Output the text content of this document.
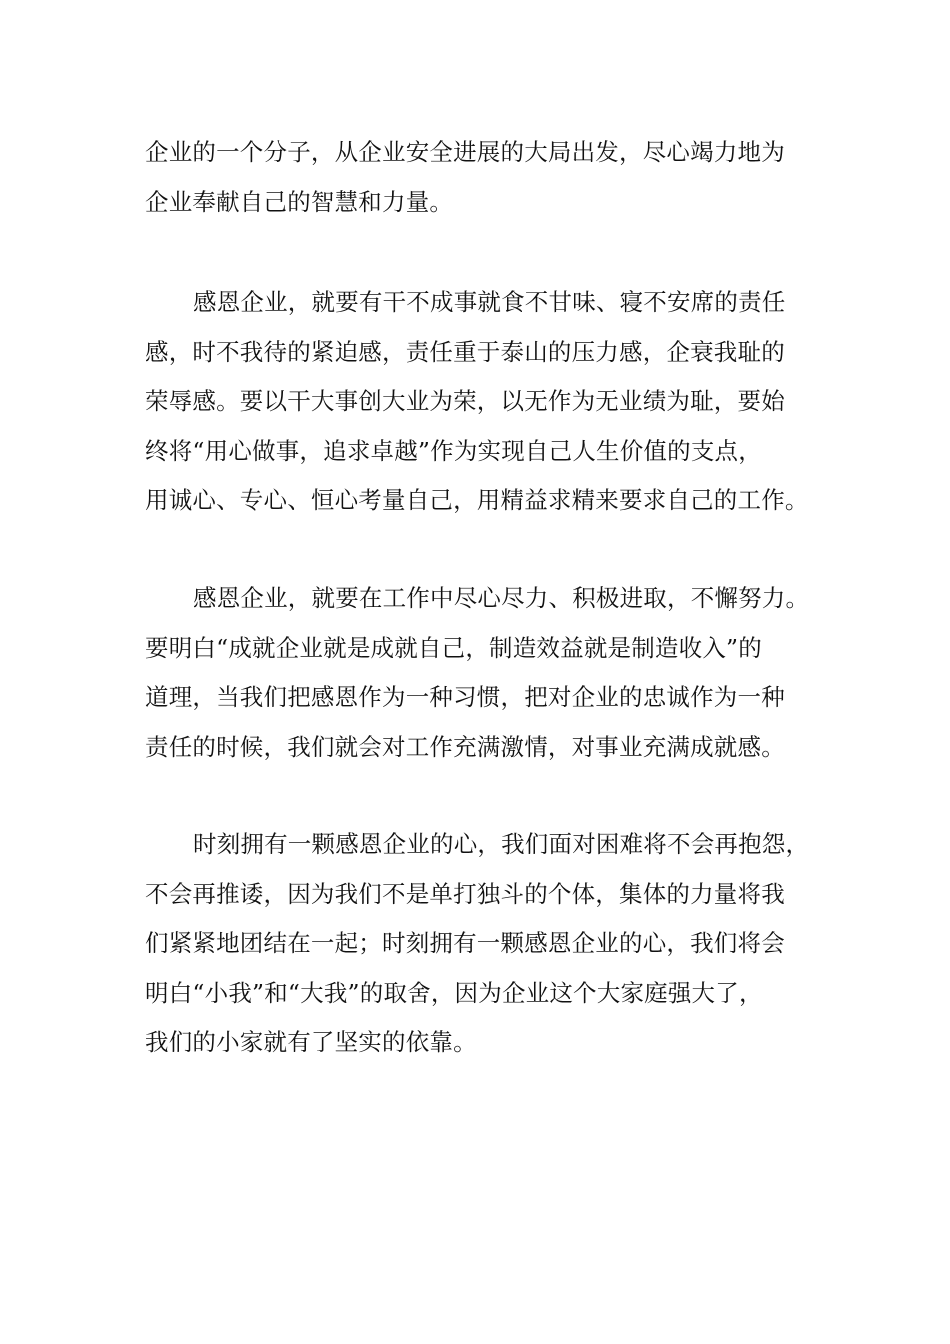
企业的一个分子，从企业安全进展的大局出发，尽心竭力地为
企业奉献自己的智慧和力量。

感恩企业，就要有干不成事就食不甘味、寝不安席的责任
感，时不我待的紧迫感，责任重于泰山的压力感，企衰我耻的
荣辱感。要以干大事创大业为荣，以无作为无业绩为耻，要始
终将“用心做事，追求卓越”作为实现自己人生价值的支点，
用诚心、专心、恒心考量自己，用精益求精来要求自己的工作。

感恩企业，就要在工作中尽心尽力、积极进取，不懈努力。
要明白“成就企业就是成就自己，制造效益就是制造收入”的
道理，当我们把感恩作为一种习惯，把对企业的忠诚作为一种
责任的时候，我们就会对工作充满激情，对事业充满成就感。

时刻拥有一颗感恩企业的心，我们面对困难将不会再抱怨，
不会再推诿，因为我们不是单打独斗的个体，集体的力量将我
们紧紧地团结在一起；时刻拥有一颗感恩企业的心，我们将会
明白“小我”和“大我”的取舍，因为企业这个大家庭强大了，
我们的小家就有了坚实的依靠。
